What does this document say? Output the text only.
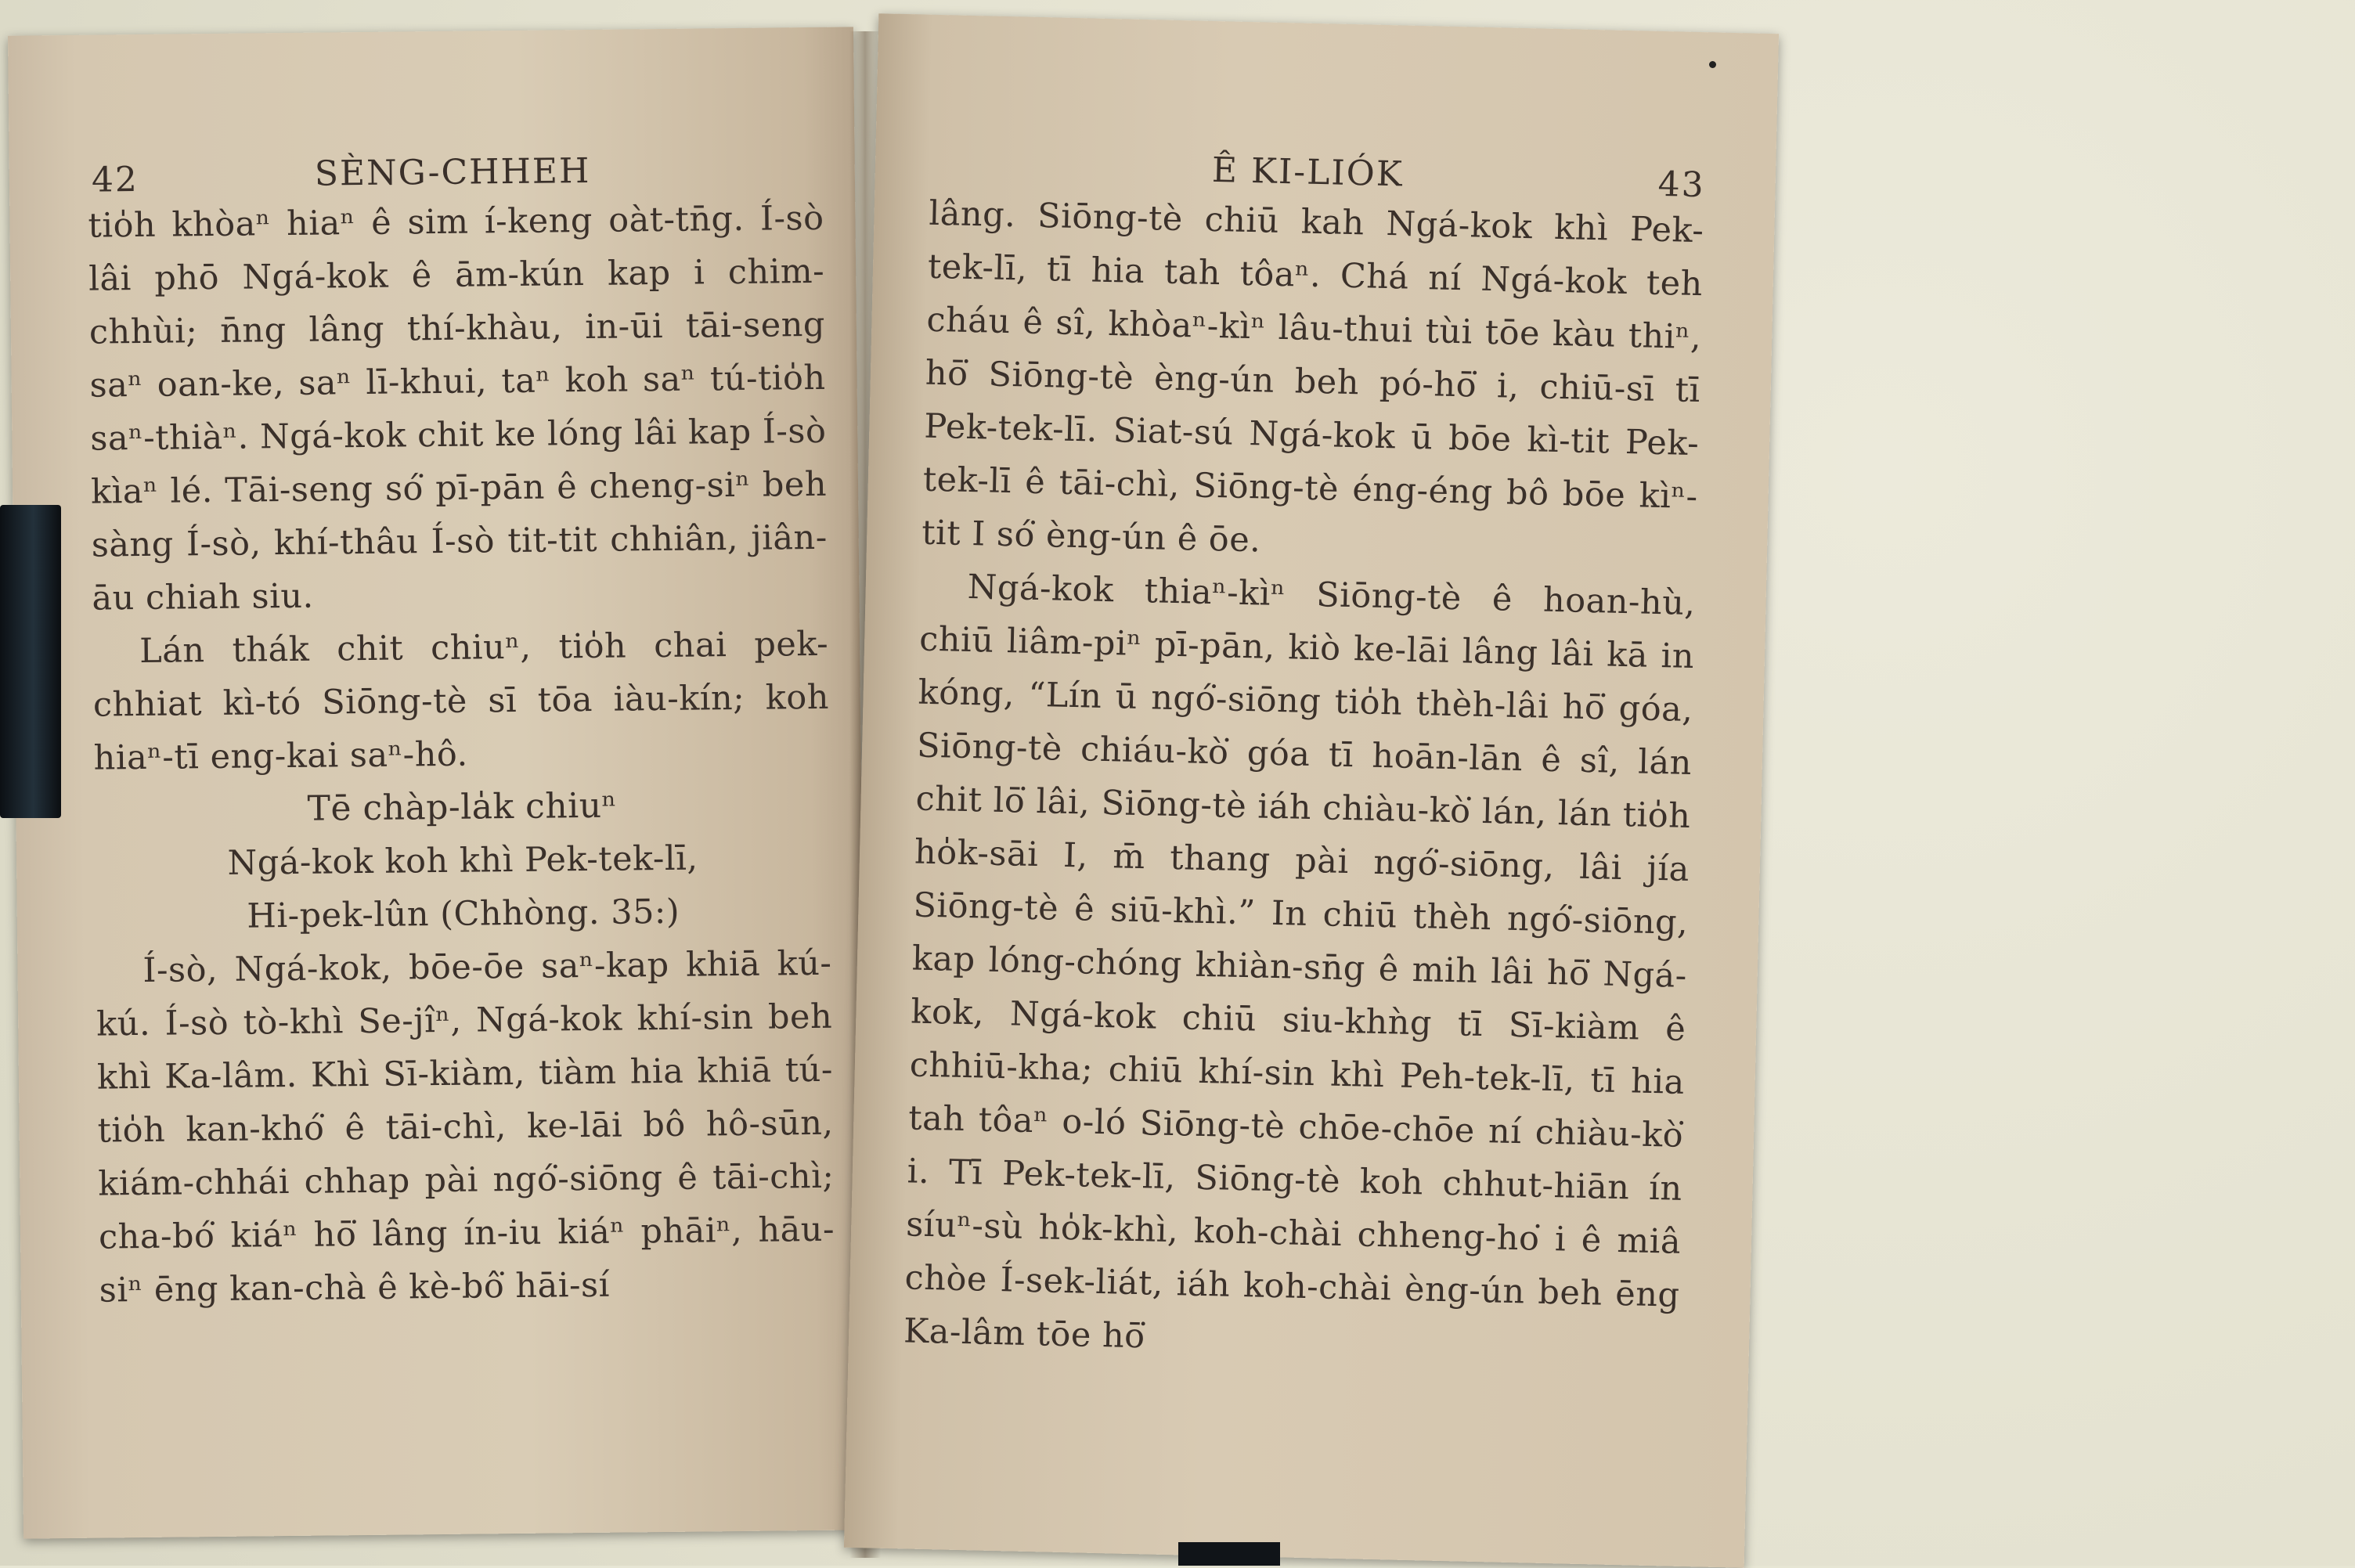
42	SÈNG-CHHEH

tio̍h khòaⁿ hiaⁿ ê sim í-keng oàt-tn̄g. Í-sò lâi phō Ngá-kok ê ām-kún kap i chim-chhùi; n̄ng lâng thí-khàu, in-ūi tāi-seng saⁿ oan-ke, saⁿ lī-khui, taⁿ koh saⁿ tú-tio̍h saⁿ-thiàⁿ. Ngá-kok chit ke lóng lâi kap Í-sò kìaⁿ lé. Tāi-seng só͘ pī-pān ê cheng-siⁿ beh sàng Í-sò, khí-thâu Í-sò tit-tit chhiân, jiân-āu chiah siu.

Lán thák chit chiuⁿ, tio̍h chai pek-chhiat kì-tó Siōng-tè sī tōa iàu-kín; koh hiaⁿ-tī eng-kai saⁿ-hô.

Tē chàp-la̍k chiuⁿ

Ngá-kok koh khì Pek-tek-lī,

Hi-pek-lûn (Chhòng. 35:)

Í-sò, Ngá-kok, bōe-ōe saⁿ-kap khiā kú-kú. Í-sò tò-khì Se-jîⁿ, Ngá-kok khí-sin beh khì Ka-lâm. Khì Sī-kiàm, tiàm hia khiā tú-tio̍h kan-khó͘ ê tāi-chì, ke-lāi bô hô-sūn, kiám-chhái chhap pài ngó͘-siōng ê tāi-chì; cha-bó͘ kiáⁿ hō͘ lâng ín-iu kiáⁿ phāiⁿ, hāu-siⁿ ēng kan-chà ê kè-bô͘ hāi-sí

Ê KI-LIÓK	43

lâng. Siōng-tè chiū kah Ngá-kok khì Pek-tek-lī, tī hia tah tôaⁿ. Chá ní Ngá-kok teh cháu ê sî, khòaⁿ-kìⁿ lâu-thui tùi tōe kàu thiⁿ, hō͘ Siōng-tè èng-ún beh pó-hō͘ i, chiū-sī tī Pek-tek-lī. Siat-sú Ngá-kok ū bōe kì-tit Pek-tek-lī ê tāi-chì, Siōng-tè éng-éng bô bōe kìⁿ-tit I só͘ èng-ún ê ōe.

Ngá-kok thiaⁿ-kìⁿ Siōng-tè ê hoan-hù, chiū liâm-piⁿ pī-pān, kiò ke-lāi lâng lâi kā in kóng, “Lín ū ngó͘-siōng tio̍h thèh-lâi hō͘ góa, Siōng-tè chiáu-kò͘ góa tī hoān-lān ê sî, lán chit lō͘ lâi, Siōng-tè iáh chiàu-kò͘ lán, lán tio̍h ho̍k-sāi I, m̄ thang pài ngó͘-siōng, lâi jía Siōng-tè ê siū-khì.” In chiū thèh ngó͘-siōng, kap lóng-chóng khiàn-sn̄g ê mih lâi hō͘ Ngá-kok, Ngá-kok chiū siu-khǹg tī Sī-kiàm ê chhiū-kha; chiū khí-sin khì Peh-tek-lī, tī hia tah tôaⁿ o-ló Siōng-tè chōe-chōe ní chiàu-kò͘ i. Tī Pek-tek-lī, Siōng-tè koh chhut-hiān ín síuⁿ-sù ho̍k-khì, koh-chài chheng-ho͘ i ê miâ chòe Í-sek-liát, iáh koh-chài èng-ún beh ēng Ka-lâm tōe hō͘
